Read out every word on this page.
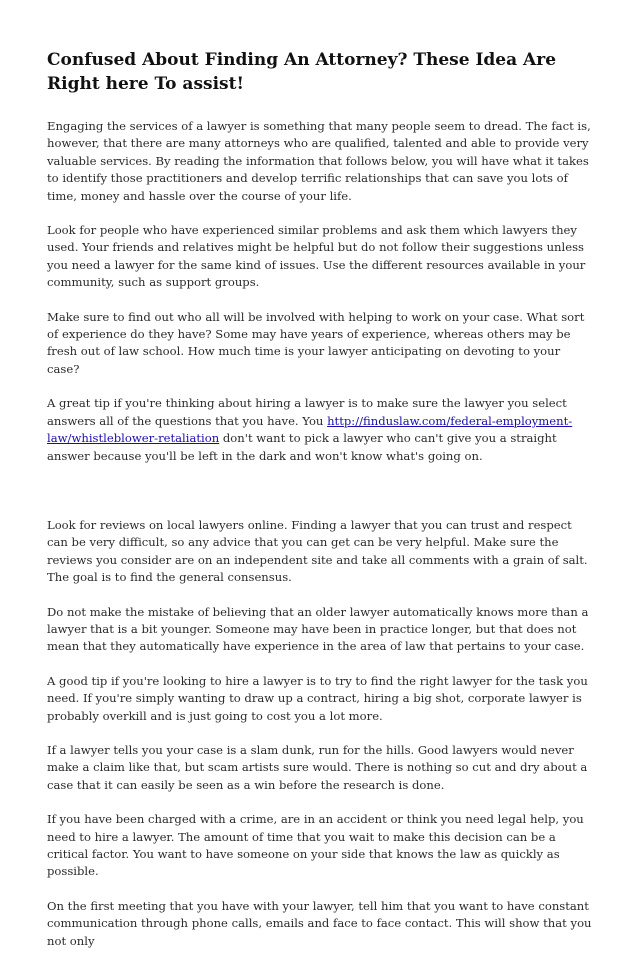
Confused About Finding An Attorney? These Idea Are Right here To assist!

Engaging the services of a lawyer is something that many people seem to dread. The fact is, however, that there are many attorneys who are qualified, talented and able to provide very valuable services. By reading the information that follows below, you will have what it takes to identify those practitioners and develop terrific relationships that can save you lots of time, money and hassle over the course of your life.

Look for people who have experienced similar problems and ask them which lawyers they used. Your friends and relatives might be helpful but do not follow their suggestions unless you need a lawyer for the same kind of issues. Use the different resources available in your community, such as support groups.

Make sure to find out who all will be involved with helping to work on your case. What sort of experience do they have? Some may have years of experience, whereas others may be fresh out of law school. How much time is your lawyer anticipating on devoting to your case?

A great tip if you're thinking about hiring a lawyer is to make sure the lawyer you select answers all of the questions that you have. You http://finduslaw.com/federal-employment-law/whistleblower-retaliation don't want to pick a lawyer who can't give you a straight answer because you'll be left in the dark and won't know what's going on.

Look for reviews on local lawyers online. Finding a lawyer that you can trust and respect can be very difficult, so any advice that you can get can be very helpful. Make sure the reviews you consider are on an independent site and take all comments with a grain of salt. The goal is to find the general consensus.

Do not make the mistake of believing that an older lawyer automatically knows more than a lawyer that is a bit younger. Someone may have been in practice longer, but that does not mean that they automatically have experience in the area of law that pertains to your case.

A good tip if you're looking to hire a lawyer is to try to find the right lawyer for the task you need. If you're simply wanting to draw up a contract, hiring a big shot, corporate lawyer is probably overkill and is just going to cost you a lot more.

If a lawyer tells you your case is a slam dunk, run for the hills. Good lawyers would never make a claim like that, but scam artists sure would. There is nothing so cut and dry about a case that it can easily be seen as a win before the research is done.

If you have been charged with a crime, are in an accident or think you need legal help, you need to hire a lawyer. The amount of time that you wait to make this decision can be a critical factor. You want to have someone on your side that knows the law as quickly as possible.

On the first meeting that you have with your lawyer, tell him that you want to have constant communication through phone calls, emails and face to face contact. This will show that you not only
